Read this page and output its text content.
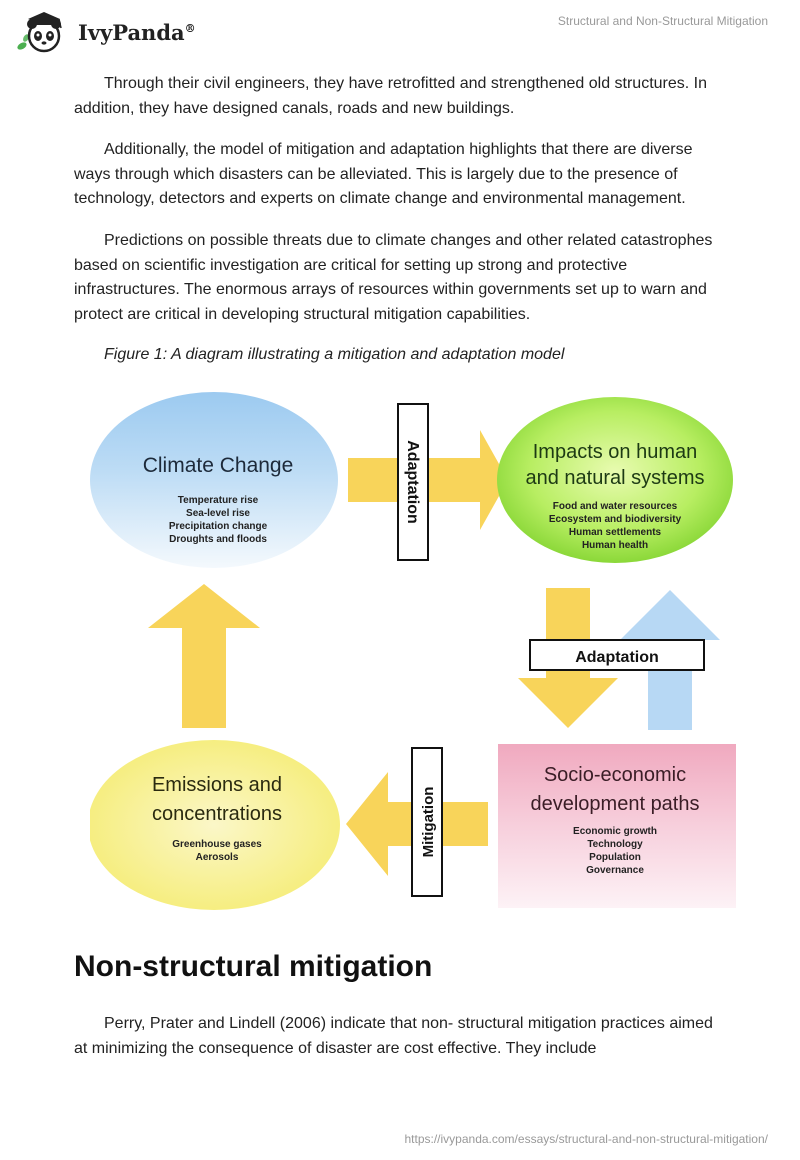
IvyPanda®	Structural and Non-Structural Mitigation

Through their civil engineers, they have retrofitted and strengthened old structures. In addition, they have designed canals, roads and new buildings.

Additionally, the model of mitigation and adaptation highlights that there are diverse ways through which disasters can be alleviated. This is largely due to the presence of technology, detectors and experts on climate change and environmental management.

Predictions on possible threats due to climate changes and other related catastrophes based on scientific investigation are critical for setting up strong and protective infrastructures. The enormous arrays of resources within governments set up to warn and protect are critical in developing structural mitigation capabilities.

Figure 1: A diagram illustrating a mitigation and adaptation model

Climate Change
Temperature rise
Sea-level rise
Precipitation change
Droughts and floods
Adaptation	Impacts on human
and natural systems
Food and water resources
Ecosystem and biodiversity
Human settlements
Human health
Adaptation
Emissions and
concentrations
Greenhouse gases
Aerosols
Mitigation
Socio-economic
development paths
Economic growth
Technology
Population
Governance
Non-structural mitigation

Perry, Prater and Lindell (2006) indicate that non- structural mitigation practices aimed at minimizing the consequence of disaster are cost effective. They include

https://ivypanda.com/essays/structural-and-non-structural-mitigation/
